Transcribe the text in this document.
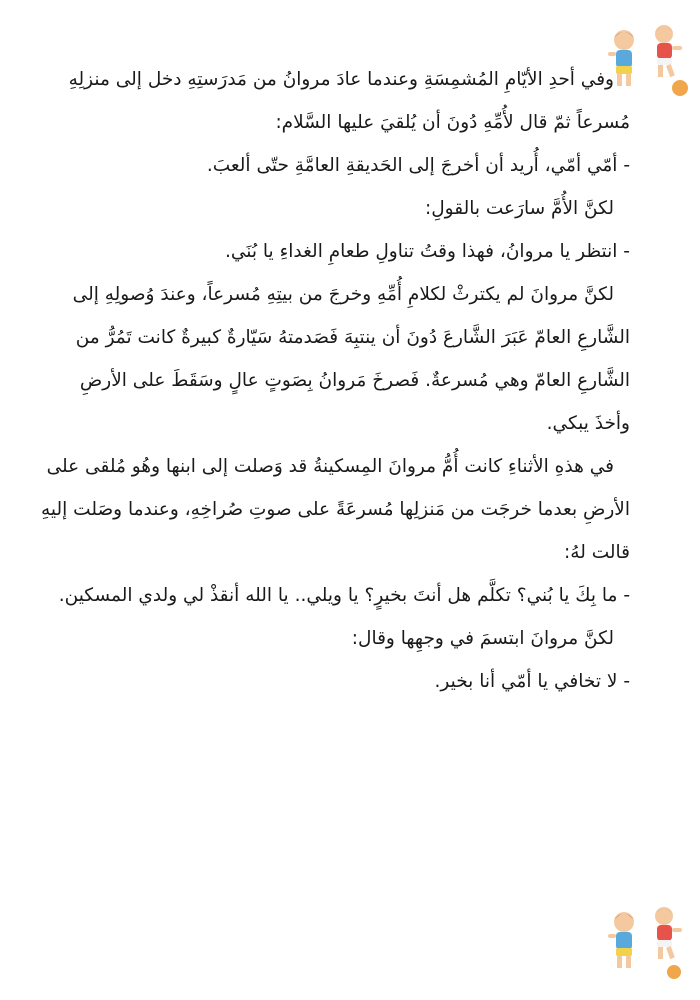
وفي أحدِ الأيّامِ المُشمِسَةِ وعندما عادَ مروانُ من مَدرَستِهِ دخل إلى منزلِهِ مُسرعاً ثمّ قال لأُمِّهِ دُونَ أن يُلقيَ عليها السَّلام:

- أمّي أمّي، أُريد أن أخرجَ إلى الحَديقةِ العامَّةِ حتّى ألعبَ.

لكنَّ الأُمَّ سارَعت بالقولِ:

- انتظر يا مروانُ، فهذا وقتُ تناولِ طعامِ الغداءِ يا بُنَي.

لكنَّ مروانَ لم يكترثْ لكلامِ أُمِّهِ وخرجَ من بيتِهِ مُسرعاً، وعندَ وُصولِهِ إلى الشَّارعِ العامّ عَبَرَ الشَّارعَ دُونَ أن ينتبِهَ فَصَدمتهُ سَيّارةٌ كبيرةٌ كانت تَمُرُّ من الشَّارعِ العامّ وهي مُسرعةٌ. فَصرخَ مَروانُ بِصَوتٍ عالٍ وسَقَطَ على الأرضِ وأخذَ يبكي.

في هذهِ الأثناءِ كانت أُمُّ مروانَ المِسكينةُ قد وَصلت إلى ابنها وهُو مُلقى على الأرضِ بعدما خرجَت من مَنزلِها مُسرعَةً على صوتِ صُراخِهِ، وعندما وصَلت إليهِ قالت لهُ:

- ما بِكَ يا بُني؟ تكلَّم هل أنتَ بخيرٍ؟ يا ويلي.. يا الله أنقذْ لي ولدي المسكين.

لكنَّ مروانَ ابتسمَ في وجهِها وقال:

- لا تخافي يا أمّي أنا بخير.
